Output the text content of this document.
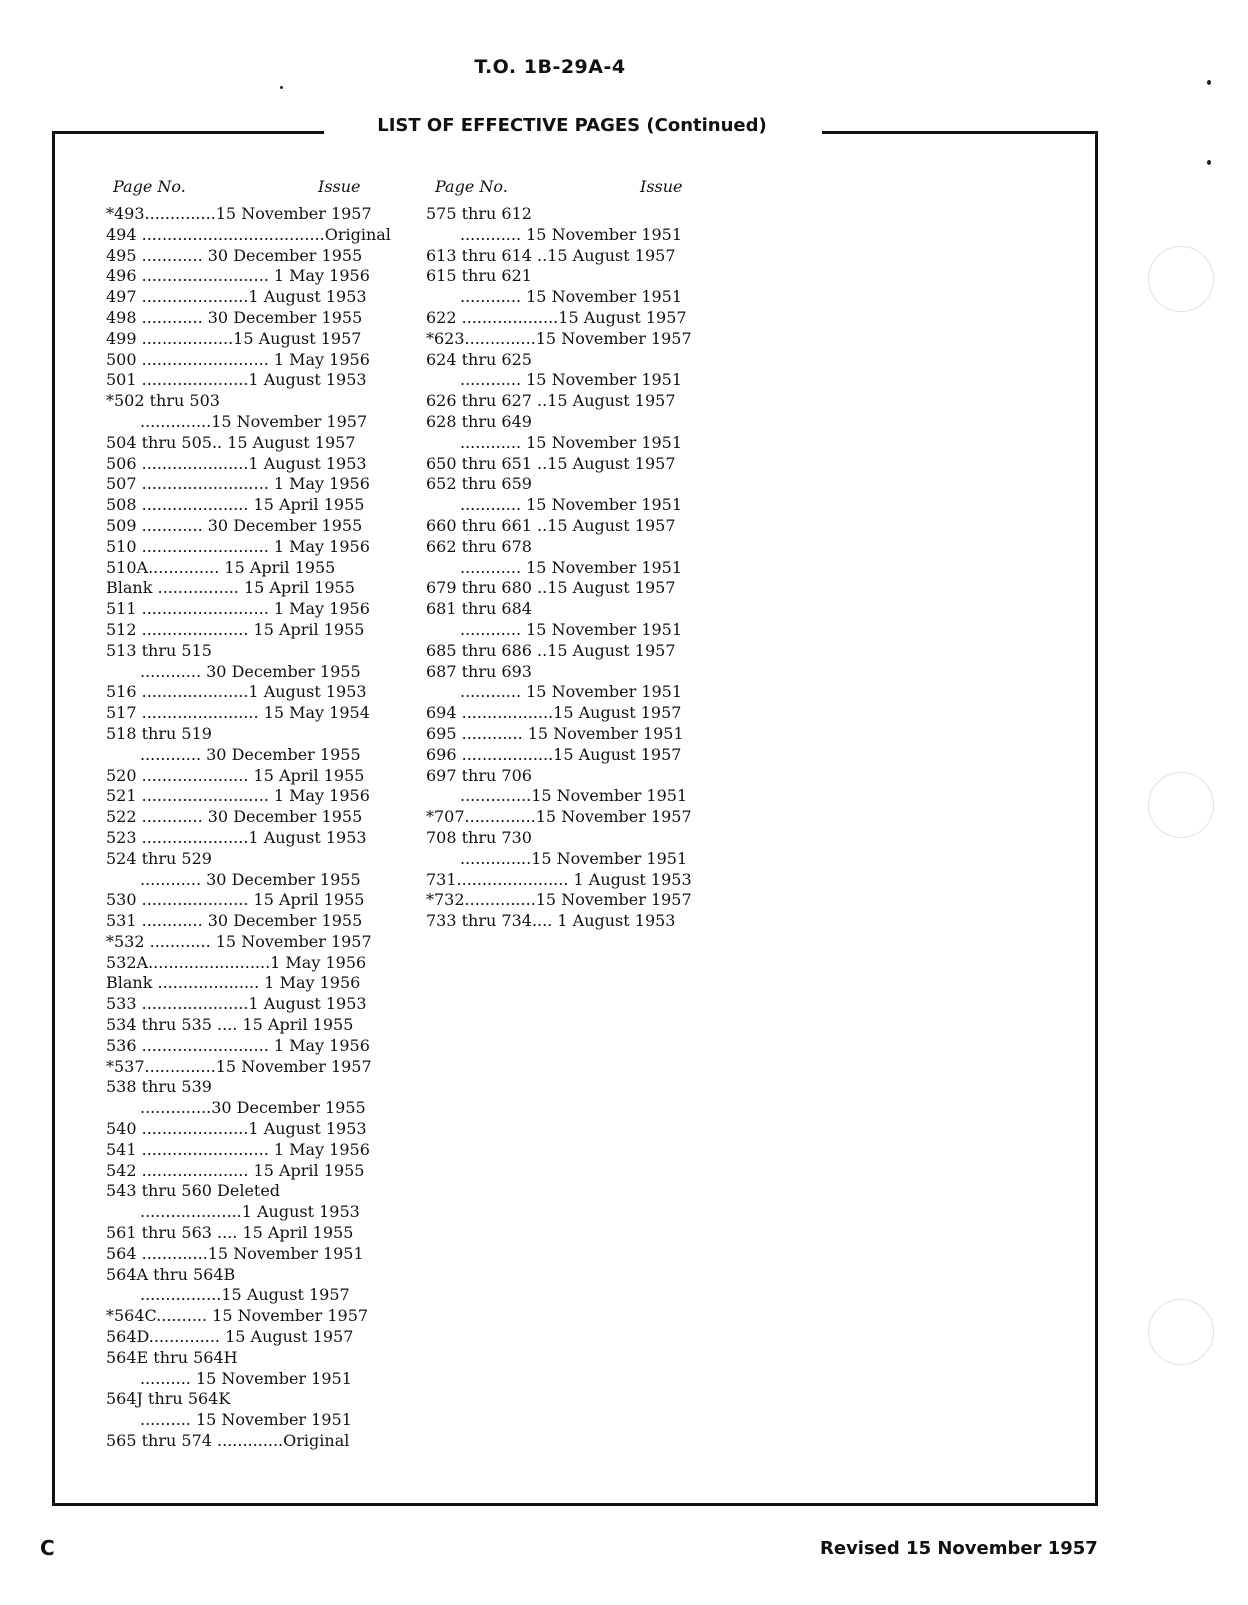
T.O. 1B-29A-4
LIST OF EFFECTIVE PAGES (Continued)
Page No.	Issue	Page No.	Issue
*493..............15 November 1957
494 ....................................Original
495 ............ 30 December 1955
496 ......................... 1 May 1956
497 .....................1 August 1953
498 ............ 30 December 1955
499 ..................15 August 1957
500 ......................... 1 May 1956
501 .....................1 August 1953
*502 thru 503
..............15 November 1957
504 thru 505.. 15 August 1957
506 .....................1 August 1953
507 ......................... 1 May 1956
508 ..................... 15 April 1955
509 ............ 30 December 1955
510 ......................... 1 May 1956
510A.............. 15 April 1955
Blank ................ 15 April 1955
511 ......................... 1 May 1956
512 ..................... 15 April 1955
513 thru 515
............ 30 December 1955
516 .....................1 August 1953
517 ....................... 15 May 1954
518 thru 519
............ 30 December 1955
520 ..................... 15 April 1955
521 ......................... 1 May 1956
522 ............ 30 December 1955
523 .....................1 August 1953
524 thru 529
............ 30 December 1955
530 ..................... 15 April 1955
531 ............ 30 December 1955
*532 ............ 15 November 1957
532A........................1 May 1956
Blank .................... 1 May 1956
533 .....................1 August 1953
534 thru 535 .... 15 April 1955
536 ......................... 1 May 1956
*537..............15 November 1957
538 thru 539
..............30 December 1955
540 .....................1 August 1953
541 ......................... 1 May 1956
542 ..................... 15 April 1955
543 thru 560 Deleted
....................1 August 1953
561 thru 563 .... 15 April 1955
564 .............15 November 1951
564A thru 564B
................15 August 1957
*564C.......... 15 November 1957
564D.............. 15 August 1957
564E thru 564H
.......... 15 November 1951
564J thru 564K
.......... 15 November 1951
565 thru 574 .............Original
575 thru 612
............ 15 November 1951
613 thru 614 ..15 August 1957
615 thru 621
............ 15 November 1951
622 ...................15 August 1957
*623..............15 November 1957
624 thru 625
............ 15 November 1951
626 thru 627 ..15 August 1957
628 thru 649
............ 15 November 1951
650 thru 651 ..15 August 1957
652 thru 659
............ 15 November 1951
660 thru 661 ..15 August 1957
662 thru 678
............ 15 November 1951
679 thru 680 ..15 August 1957
681 thru 684
............ 15 November 1951
685 thru 686 ..15 August 1957
687 thru 693
............ 15 November 1951
694 ..................15 August 1957
695 ............ 15 November 1951
696 ..................15 August 1957
697 thru 706
..............15 November 1951
*707..............15 November 1957
708 thru 730
..............15 November 1951
731...................... 1 August 1953
*732..............15 November 1957
733 thru 734.... 1 August 1953
C	Revised 15 November 1957
